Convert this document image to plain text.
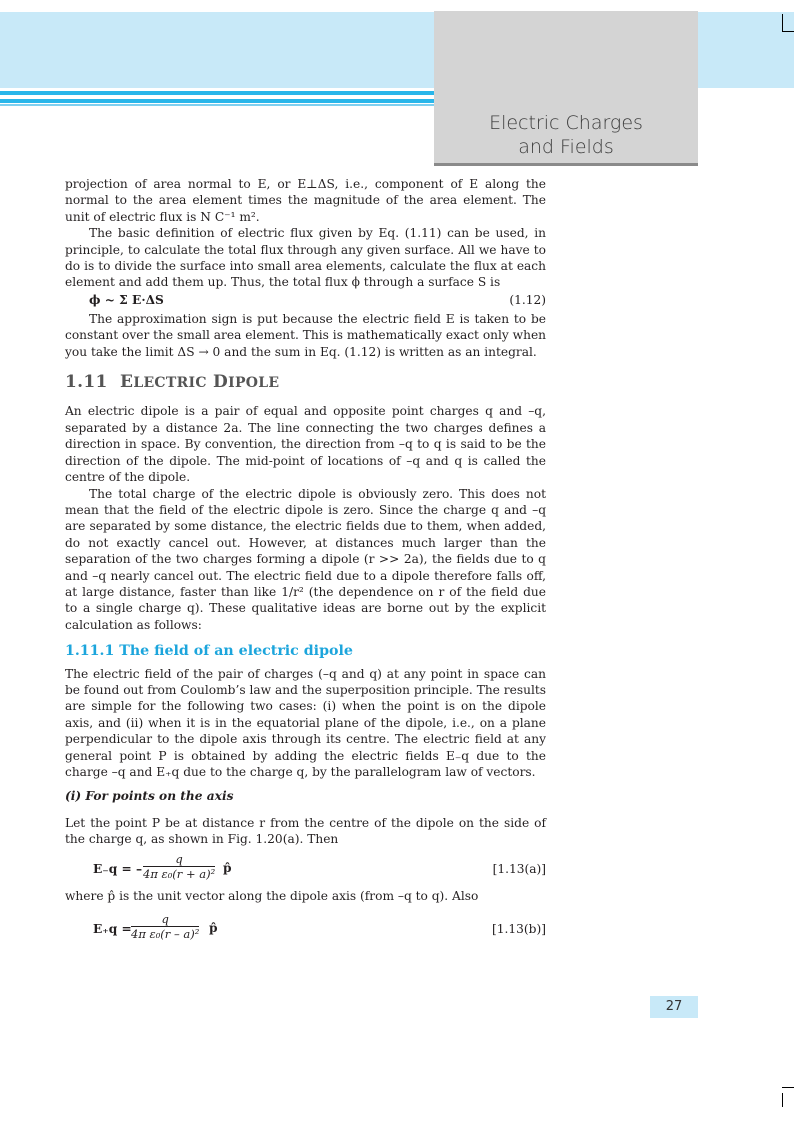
Electric Charges
and Fields

projection of area normal to E, or E⊥ΔS, i.e., component of E along the normal to the area element times the magnitude of the area element. The unit of electric flux is N C⁻¹ m².

The basic definition of electric flux given by Eq. (1.11) can be used, in principle, to calculate the total flux through any given surface. All we have to do is to divide the surface into small area elements, calculate the flux at each element and add them up. Thus, the total flux ϕ through a surface S is

ϕ ~ Σ E·ΔS	(1.12)

The approximation sign is put because the electric field E is taken to be constant over the small area element. This is mathematically exact only when you take the limit ΔS → 0 and the sum in Eq. (1.12) is written as an integral.

1.11 ELECTRIC DIPOLE

An electric dipole is a pair of equal and opposite point charges q and –q, separated by a distance 2a. The line connecting the two charges defines a direction in space. By convention, the direction from –q to q is said to be the direction of the dipole. The mid-point of locations of –q and q is called the centre of the dipole.

The total charge of the electric dipole is obviously zero. This does not mean that the field of the electric dipole is zero. Since the charge q and –q are separated by some distance, the electric fields due to them, when added, do not exactly cancel out. However, at distances much larger than the separation of the two charges forming a dipole (r >> 2a), the fields due to q and –q nearly cancel out. The electric field due to a dipole therefore falls off, at large distance, faster than like 1/r² (the dependence on r of the field due to a single charge q). These qualitative ideas are borne out by the explicit calculation as follows:

1.11.1 The field of an electric dipole

The electric field of the pair of charges (–q and q) at any point in space can be found out from Coulomb’s law and the superposition principle. The results are simple for the following two cases: (i) when the point is on the dipole axis, and (ii) when it is in the equatorial plane of the dipole, i.e., on a plane perpendicular to the dipole axis through its centre. The electric field at any general point P is obtained by adding the electric fields E₋q due to the charge –q and E₊q due to the charge q, by the parallelogram law of vectors.

(i) For points on the axis

Let the point P be at distance r from the centre of the dipole on the side of the charge q, as shown in Fig. 1.20(a). Then

E₋q = – $\frac{q}{\text{4π ε₀(r + a)²}}$ p̂	[1.13(a)]

where p̂ is the unit vector along the dipole axis (from –q to q). Also

$E_+q = \frac{q}{\text{4π ε₀(r – a)²}}$ p̂	[1.13(b)]
27
